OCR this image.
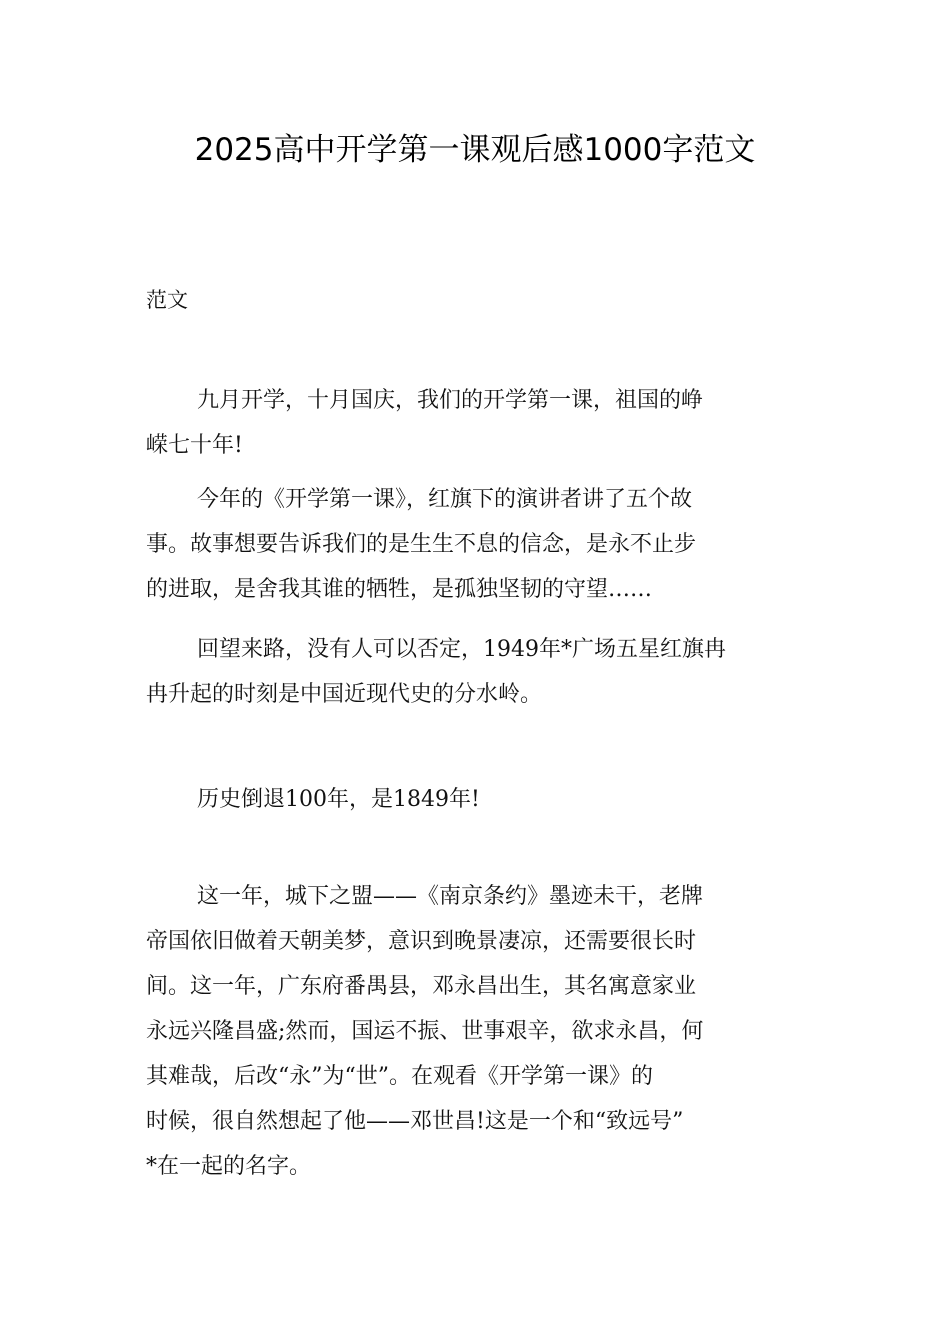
2025高中开学第一课观后感1000字范文
范文
九月开学，十月国庆，我们的开学第一课，祖国的峥
嵘七十年!
今年的《开学第一课》，红旗下的演讲者讲了五个故
事。故事想要告诉我们的是生生不息的信念，是永不止步
的进取，是舍我其谁的牺牲，是孤独坚韧的守望……
回望来路，没有人可以否定，1949年*广场五星红旗冉
冉升起的时刻是中国近现代史的分水岭。
历史倒退100年，是1849年!
这一年，城下之盟——《南京条约》墨迹未干，老牌
帝国依旧做着天朝美梦，意识到晚景凄凉，还需要很长时
间。这一年，广东府番禺县，邓永昌出生，其名寓意家业
永远兴隆昌盛;然而，国运不振、世事艰辛，欲求永昌，何
其难哉，后改“永”为“世”。在观看《开学第一课》的
时候，很自然想起了他——邓世昌!这是一个和“致远号”
*在一起的名字。
